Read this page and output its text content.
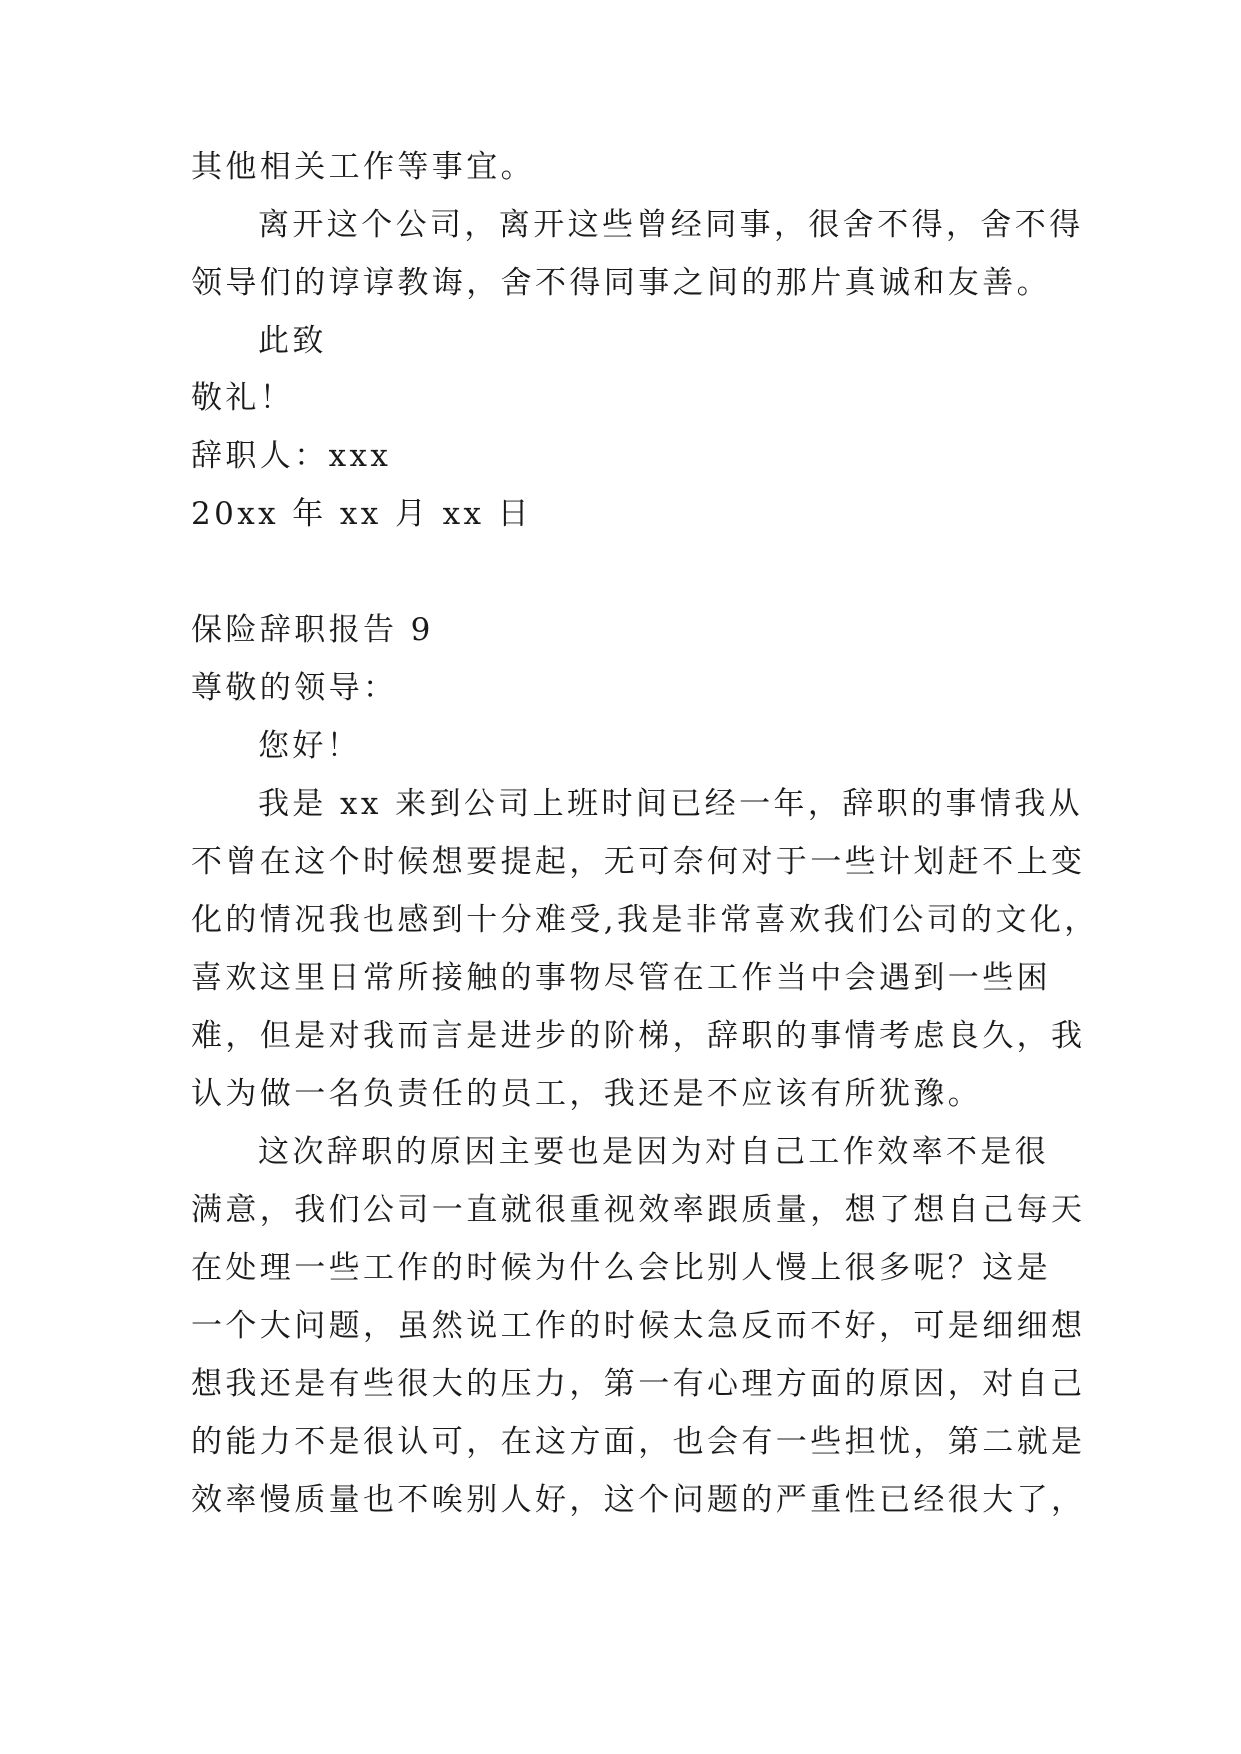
其他相关工作等事宜。
离开这个公司，离开这些曾经同事，很舍不得，舍不得
领导们的谆谆教诲，舍不得同事之间的那片真诚和友善。
此致
敬礼！
辞职人：xxx
20xx 年 xx 月 xx 日
保险辞职报告 9
尊敬的领导：
您好！
我是 xx 来到公司上班时间已经一年，辞职的事情我从
不曾在这个时候想要提起，无可奈何对于一些计划赶不上变
化的情况我也感到十分难受,我是非常喜欢我们公司的文化，
喜欢这里日常所接触的事物尽管在工作当中会遇到一些困
难，但是对我而言是进步的阶梯，辞职的事情考虑良久，我
认为做一名负责任的员工，我还是不应该有所犹豫。
这次辞职的原因主要也是因为对自己工作效率不是很
满意，我们公司一直就很重视效率跟质量，想了想自己每天
在处理一些工作的时候为什么会比别人慢上很多呢？这是
一个大问题，虽然说工作的时候太急反而不好，可是细细想
想我还是有些很大的压力，第一有心理方面的原因，对自己
的能力不是很认可，在这方面，也会有一些担忧，第二就是
效率慢质量也不唉别人好，这个问题的严重性已经很大了，
